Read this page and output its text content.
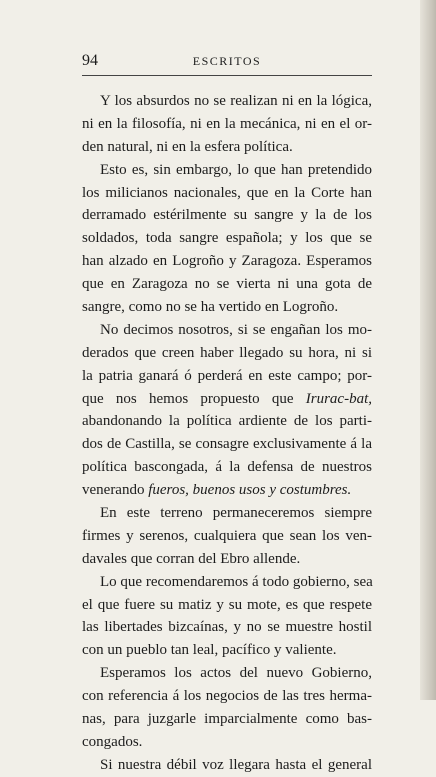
94	ESCRITOS
Y los absurdos no se realizan ni en la lógica,
ni en la filosofía, ni en la mecánica, ni en el or-
den natural, ni en la esfera política.
Esto es, sin embargo, lo que han pretendido
los milicianos nacionales, que en la Corte han
derramado estérilmente su sangre y la de los
soldados, toda sangre española; y los que se
han alzado en Logroño y Zaragoza. Esperamos
que en Zaragoza no se vierta ni una gota de
sangre, como no se ha vertido en Logroño.
No decimos nosotros, si se engañan los mo-
derados que creen haber llegado su hora, ni si
la patria ganará ó perderá en este campo; por-
que nos hemos propuesto que Irurac-bat,
abandonando la política ardiente de los parti-
dos de Castilla, se consagre exclusivamente á la
política bascongada, á la defensa de nuestros
venerando fueros, buenos usos y costumbres.
En este terreno permaneceremos siempre
firmes y serenos, cualquiera que sean los ven-
davales que corran del Ebro allende.
Lo que recomendaremos á todo gobierno, sea
el que fuere su matiz y su mote, es que respete
las libertades bizcaínas, y no se muestre hostil
con un pueblo tan leal, pacífico y valiente.
Esperamos los actos del nuevo Gobierno,
con referencia á los negocios de las tres herma-
nas, para juzgarle imparcialmente como bas-
congados.
Si nuestra débil voz llegara hasta el general
